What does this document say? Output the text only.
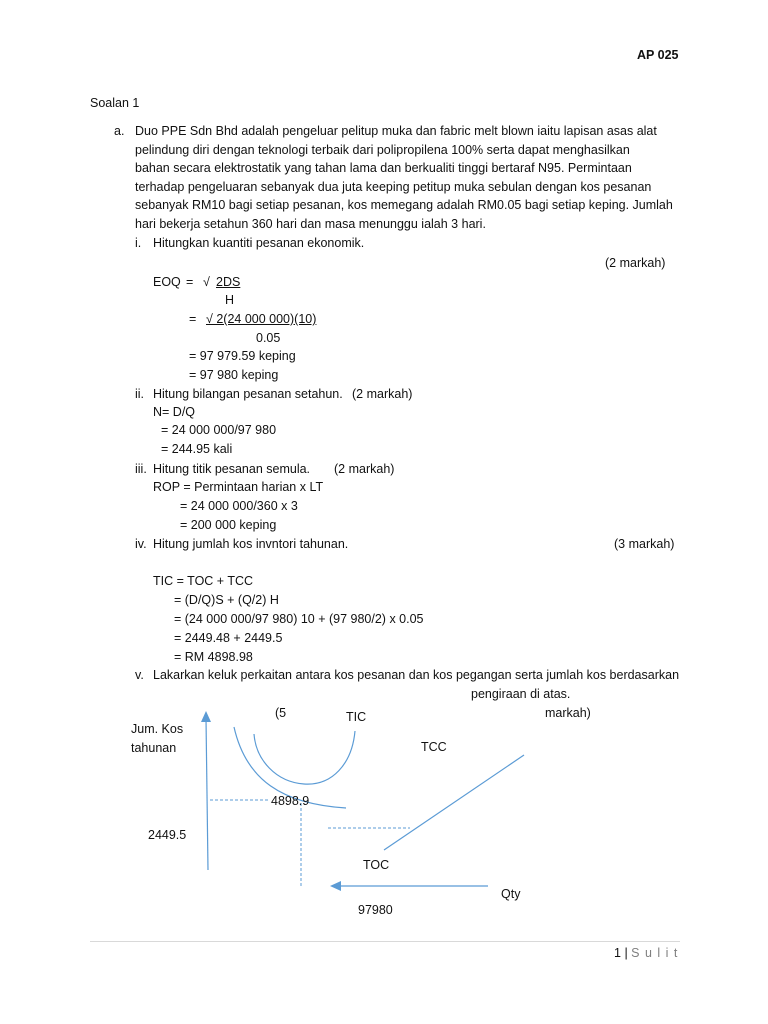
AP 025
Soalan 1
a. Duo PPE Sdn Bhd adalah pengeluar pelitup muka dan fabric melt blown iaitu lapisan asas alat
pelindung diri dengan teknologi terbaik dari polipropilena 100% serta dapat menghasilkan
bahan secara elektrostatik yang tahan lama dan berkualiti tinggi bertaraf N95. Permintaan
terhadap pengeluaran sebanyak dua juta keeping petitup muka sebulan dengan kos pesanan
sebanyak RM10 bagi setiap pesanan, kos memegang adalah RM0.05 bagi setiap keping. Jumlah
hari bekerja setahun 360 hari dan masa menunggu ialah 3 hari.
i. Hitungkan kuantiti pesanan ekonomik.
(2 markah)
EOQ = √ 2DS
H
= √ 2(24 000 000)(10)
0.05
= 97 979.59 keping
= 97 980 keping
ii. Hitung bilangan pesanan setahun. (2 markah)
N= D/Q
= 24 000 000/97 980
= 244.95 kali
iii. Hitung titik pesanan semula. (2 markah)
ROP = Permintaan harian x LT
= 24 000 000/360 x 3
= 200 000 keping
iv. Hitung jumlah kos invntori tahunan.	(3 markah)
TIC = TOC + TCC
= (D/Q)S + (Q/2) H
= (24 000 000/97 980) 10 + (97 980/2) x 0.05
= 2449.48 + 2449.5
= RM 4898.98
v. Lakarkan keluk perkaitan antara kos pesanan dan kos pegangan serta jumlah kos berdasarkan
pengiraan di atas.
(5	markah)
Jum. Kos
tahunan
TIC
TCC
4898.9
2449.5
TOC
Qty
97980
1 | S u l i t
